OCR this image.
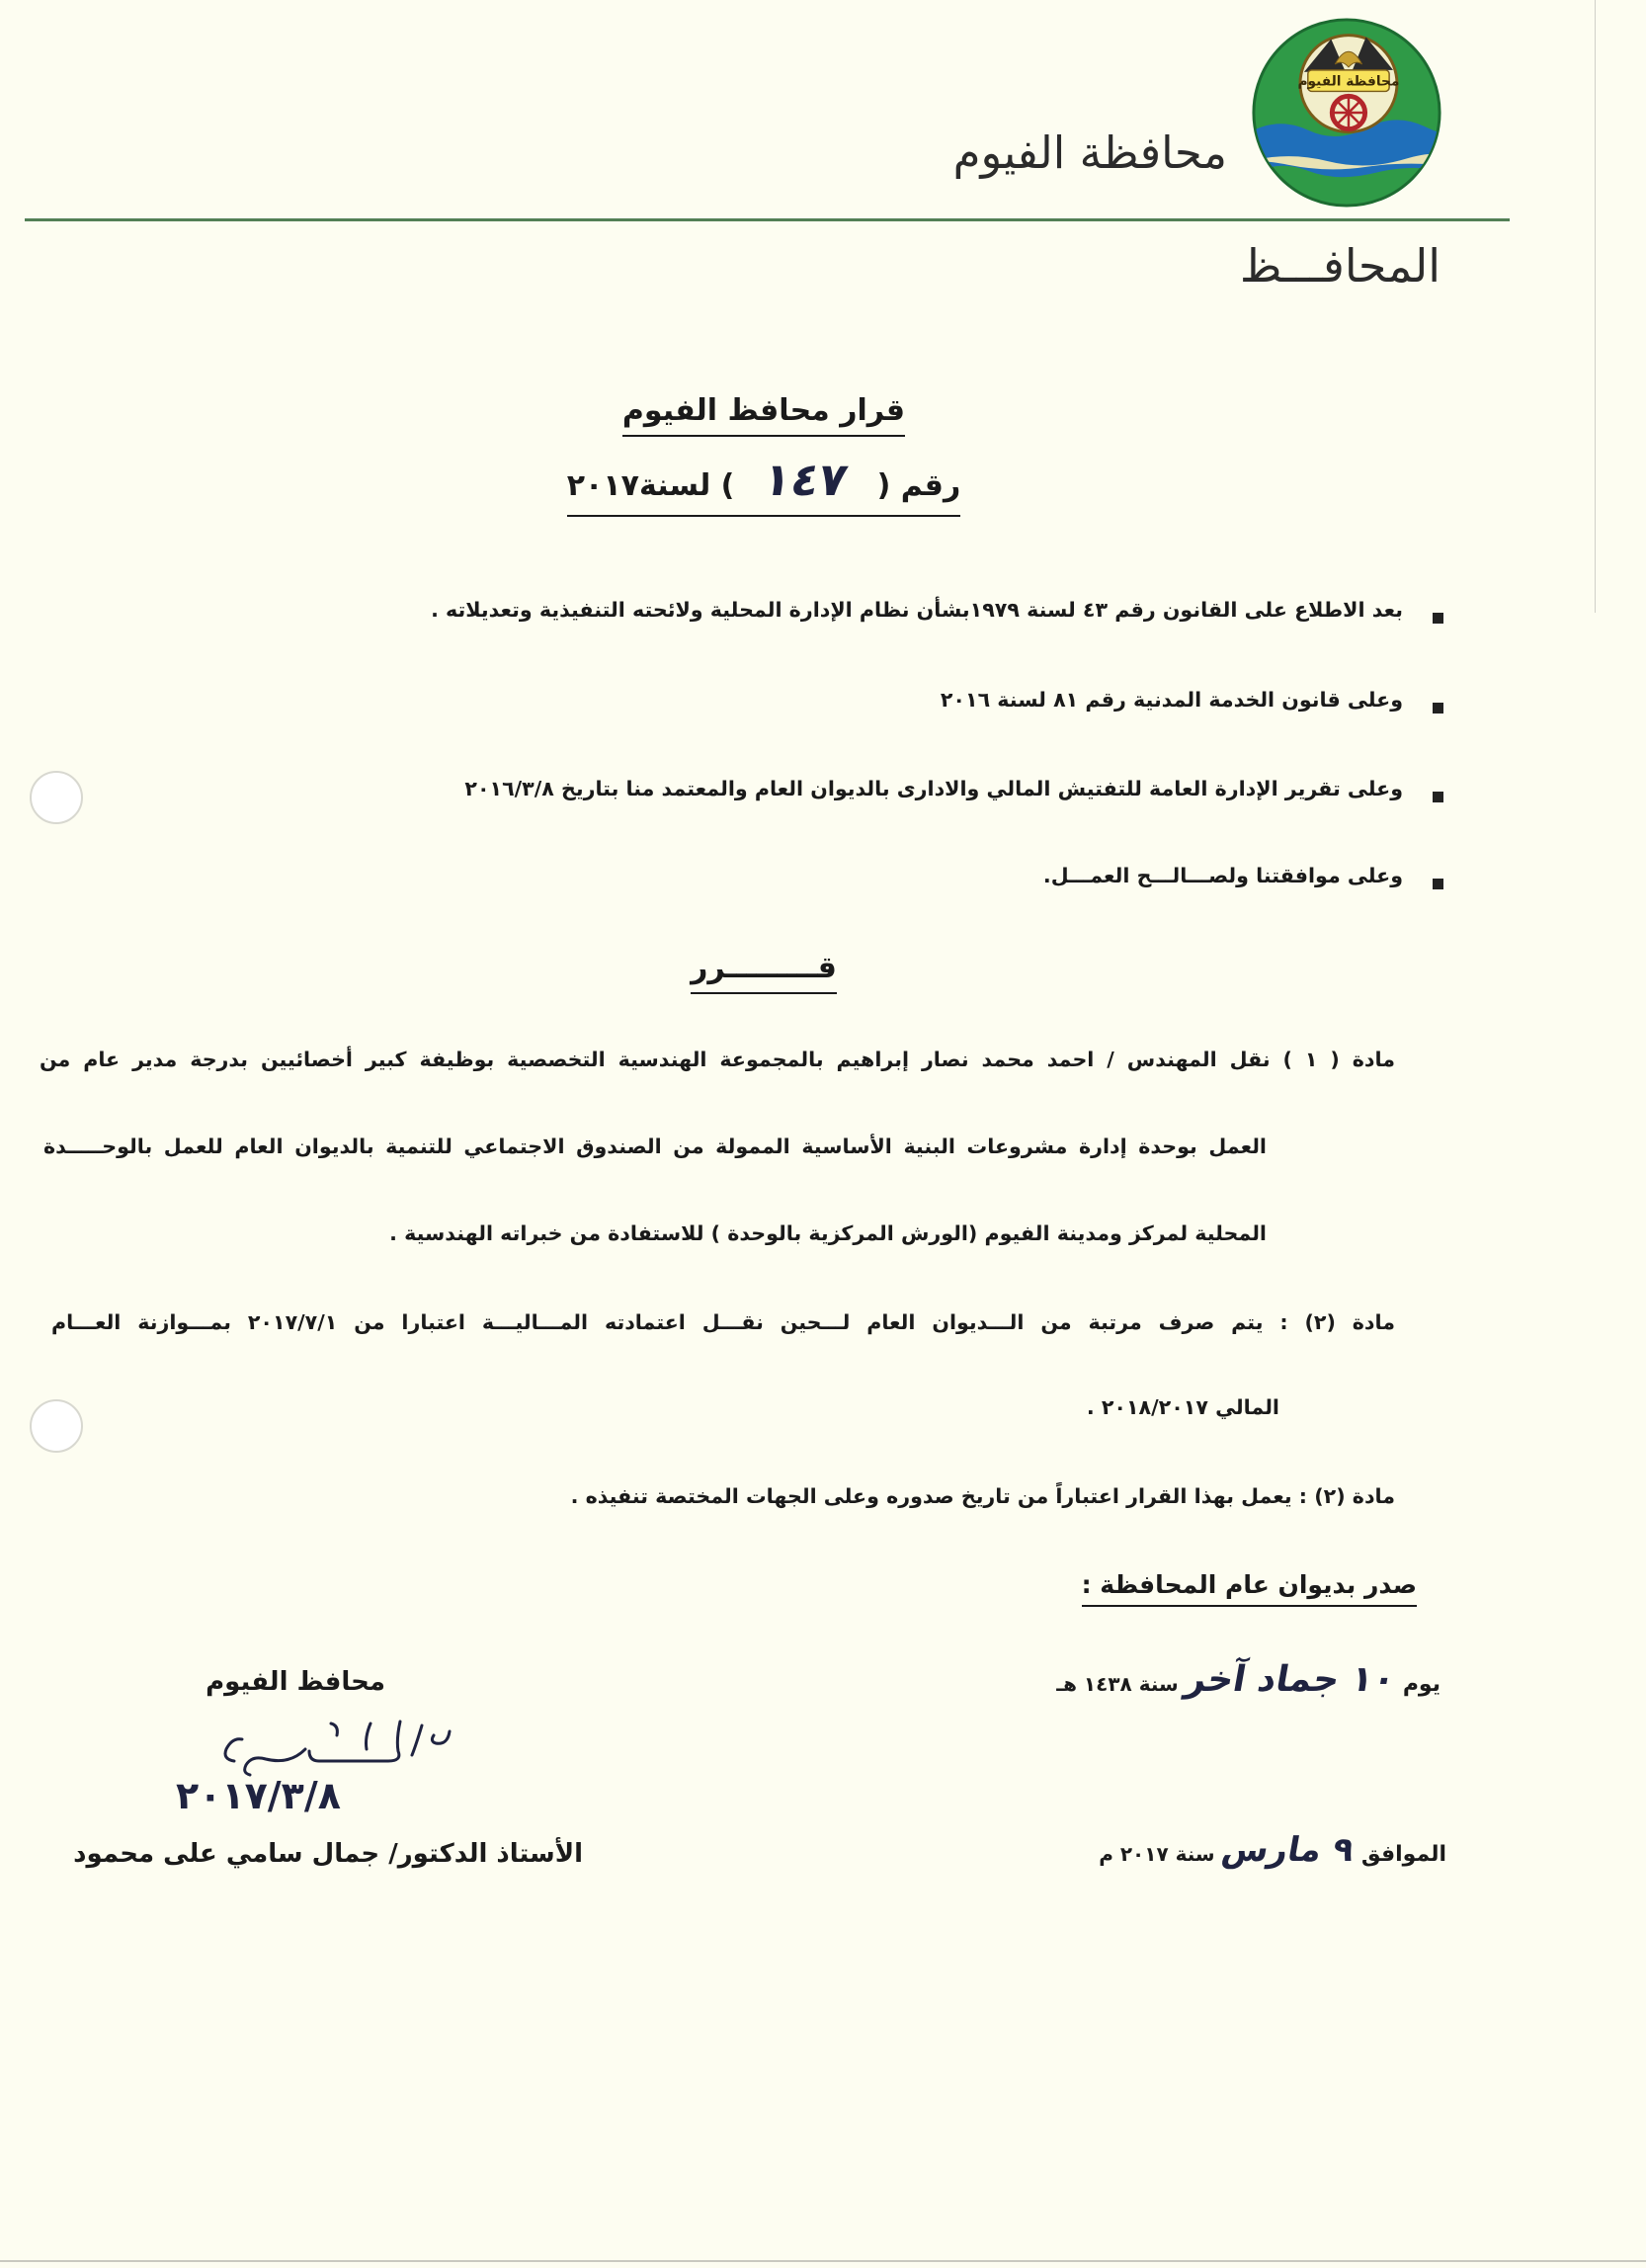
محافظة الفيوم
محافظة الفيوم
المحافـــظ
قرار محافظ الفيوم
رقم (١٤٧) لسنة٢٠١٧
بعد الاطلاع على القانون رقم ٤٣ لسنة ١٩٧٩بشأن نظام الإدارة المحلية ولائحته التنفيذية وتعديلاته .
وعلى قانون الخدمة المدنية رقم ٨١ لسنة ٢٠١٦
وعلى تقرير الإدارة العامة للتفتيش المالي والادارى بالديوان العام والمعتمد منا بتاريخ ٢٠١٦/٣/٨
وعلى موافقتنا ولصـــالـــح العمـــل.
قـــــــــرر
مادة ( ١ ) نقل المهندس / احمد محمد نصار إبراهيم بالمجموعة الهندسية التخصصية بوظيفة كبير أخصائيين بدرجة مدير عام من
العمل بوحدة إدارة مشروعات البنية الأساسية الممولة من الصندوق الاجتماعي للتنمية بالديوان العام للعمل بالوحـــــدة
المحلية لمركز ومدينة الفيوم (الورش المركزية بالوحدة ) للاستفادة من خبراته الهندسية .
مادة (٢) : يتم صرف مرتبة من الـــديوان العام لـــحين نقـــل اعتمادته المـــاليـــة اعتبارا من ٢٠١٧/٧/١ بمـــوازنة العـــام
المالي ٢٠١٨/٢٠١٧ .
مادة (٢) : يعمل بهذا القرار اعتباراً من تاريخ صدوره وعلى الجهات المختصة تنفيذه .
صدر بديوان عام المحافظة :
يوم ١٠ جماد آخر سنة ١٤٣٨ هـ
الموافق ٩ مارس سنة ٢٠١٧ م
محافظ الفيوم
٢٠١٧/٣/٨
الأستاذ الدكتور/ جمال سامي على محمود
